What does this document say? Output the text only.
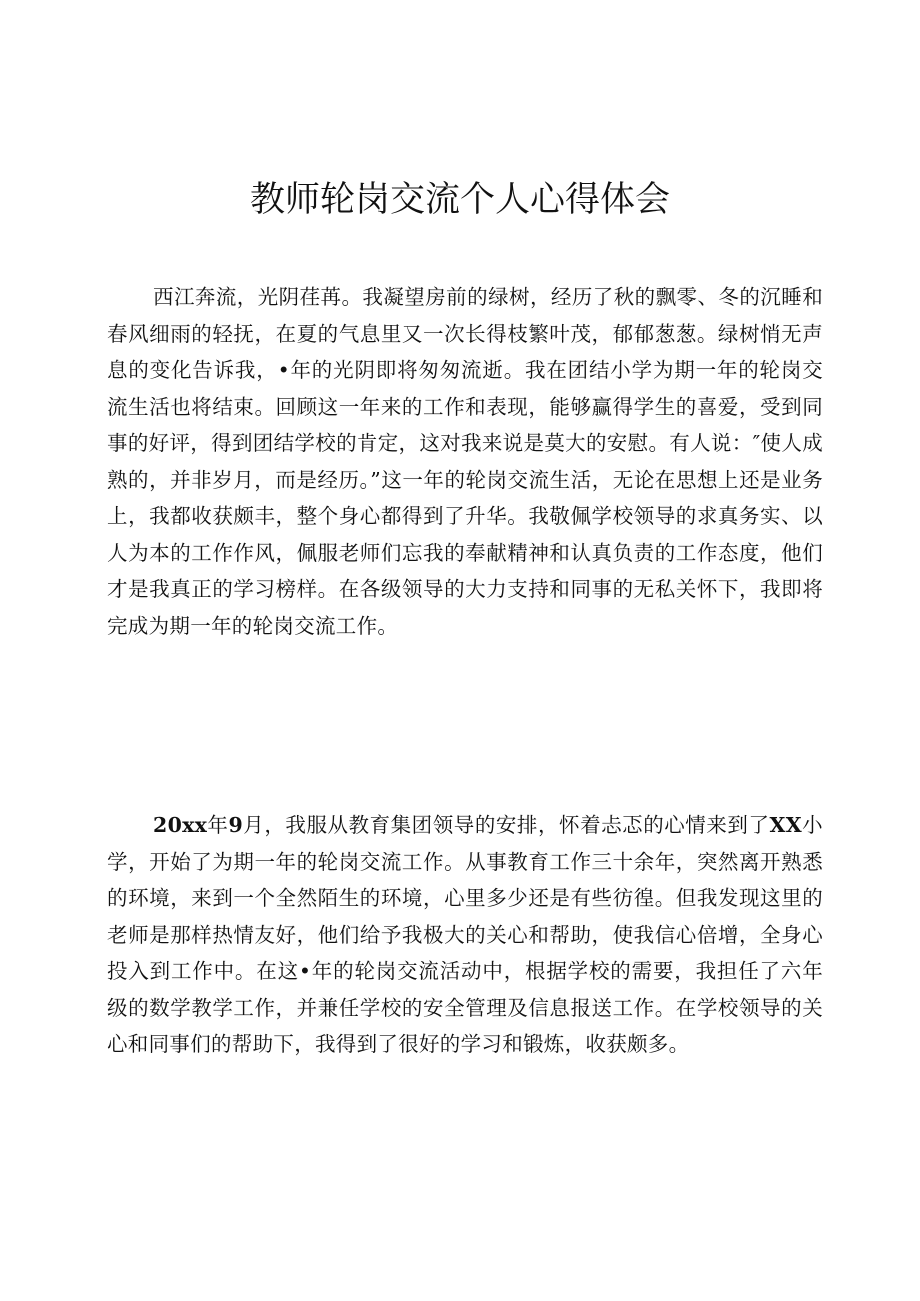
教师轮岗交流个人心得体会

西江奔流，光阴荏苒。我凝望房前的绿树，经历了秋的飘零、冬的沉睡和春风细雨的轻抚，在夏的气息里又一次长得枝繁叶茂，郁郁葱葱。绿树悄无声息的变化告诉我，•年的光阴即将匆匆流逝。我在团结小学为期一年的轮岗交流生活也将结束。回顾这一年来的工作和表现，能够赢得学生的喜爱，受到同事的好评，得到团结学校的肯定，这对我来说是莫大的安慰。有人说：″使人成熟的，并非岁月，而是经历。”这一年的轮岗交流生活，无论在思想上还是业务上，我都收获颇丰，整个身心都得到了升华。我敬佩学校领导的求真务实、以人为本的工作作风，佩服老师们忘我的奉献精神和认真负责的工作态度，他们才是我真正的学习榜样。在各级领导的大力支持和同事的无私关怀下，我即将完成为期一年的轮岗交流工作。

20xx年9月，我服从教育集团领导的安排，怀着忐忑的心情来到了XX小学，开始了为期一年的轮岗交流工作。从事教育工作三十余年，突然离开熟悉的环境，来到一个全然陌生的环境，心里多少还是有些彷徨。但我发现这里的老师是那样热情友好，他们给予我极大的关心和帮助，使我信心倍增，全身心投入到工作中。在这•年的轮岗交流活动中，根据学校的需要，我担任了六年级的数学教学工作，并兼任学校的安全管理及信息报送工作。在学校领导的关心和同事们的帮助下，我得到了很好的学习和锻炼，收获颇多。
